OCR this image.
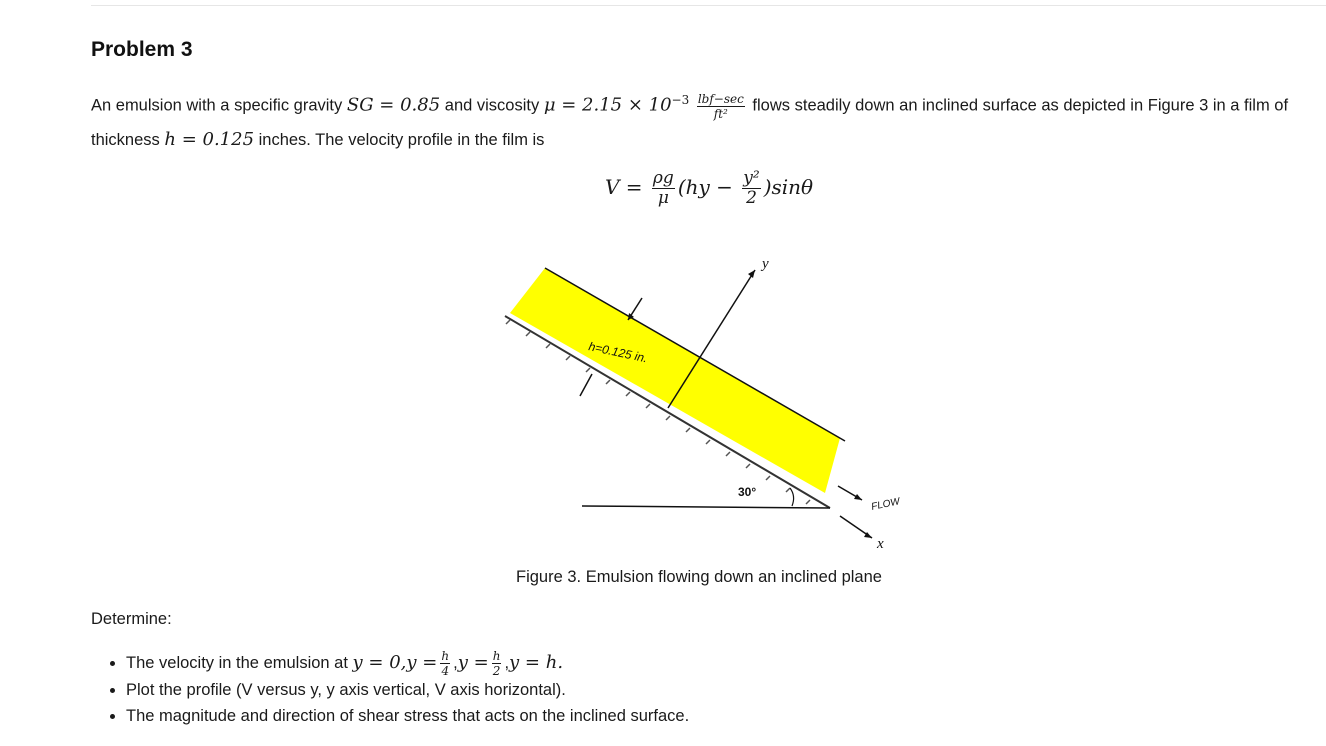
Problem 3

An emulsion with a specific gravity SG = 0.85 and viscosity $\mu = 2.15 \times 10^{-3} \frac{\text{lbf−sec}}{\text{ft²}}$ flows steadily down an inclined surface as depicted in Figure 3 in a film of thickness h = 0.125 inches. The velocity profile in the film is

$V = \frac{\rho g}{\mu} (hy - \frac{\text{y²}}{2} )\sin\theta$
h=0.125 in.
y
30°
FLOW
x

Figure 3. Emulsion flowing down an inclined plane

Determine:

• The velocity in the emulsion at $y = 0,y = \frac{h}{4} ,y = \frac{h}{2} ,y = h$.
• Plot the profile (V versus y, y axis vertical, V axis horizontal).
• The magnitude and direction of shear stress that acts on the inclined surface.
